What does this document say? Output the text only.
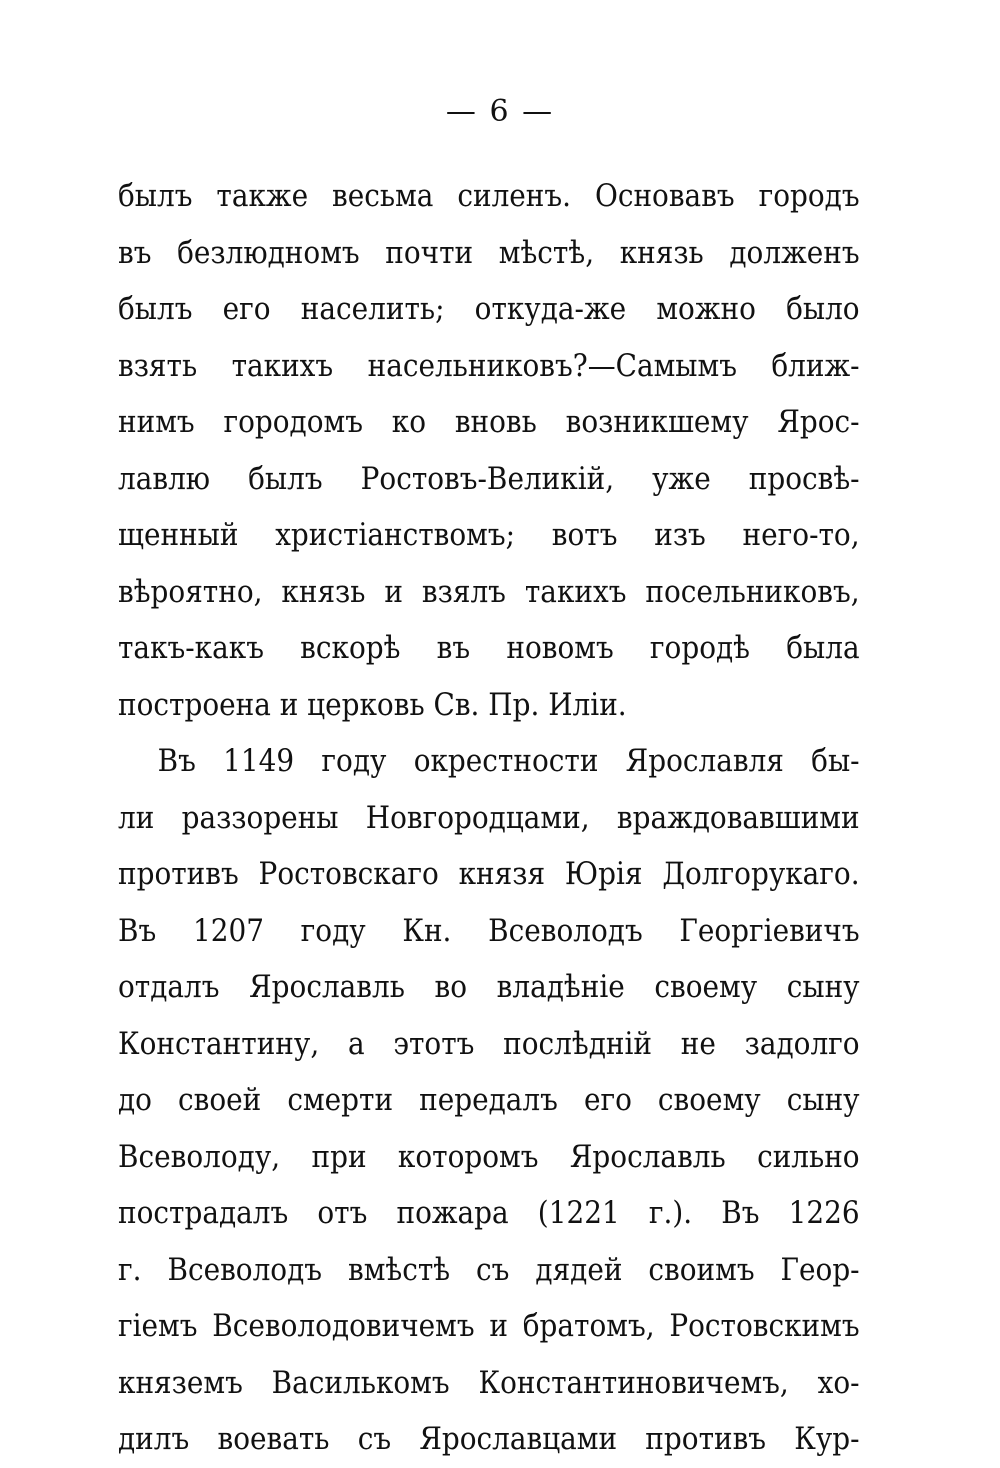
— 6 —
былъ также весьма силенъ. Основавъ городъ
въ безлюдномъ почти мѣстѣ, князь долженъ
былъ его населить; откуда-же можно было
взять такихъ насельниковъ?—Самымъ ближ-
нимъ городомъ ко вновь возникшему Ярос-
лавлю былъ Ростовъ-Великій, уже просвѣ-
щенный христіанствомъ; вотъ изъ него-то,
вѣроятно, князь и взялъ такихъ посельниковъ,
такъ-какъ вскорѣ въ новомъ городѣ была
построена и церковь Св. Пр. Иліи.
Въ 1149 году окрестности Ярославля бы-
ли раззорены Новгородцами, враждовавшими
противъ Ростовскаго князя Юрія Долгорукаго.
Въ 1207 году Кн. Всеволодъ Георгіевичъ
отдалъ Ярославль во владѣніе своему сыну
Константину, а этотъ послѣдній не задолго
до своей смерти передалъ его своему сыну
Всеволоду, при которомъ Ярославль сильно
пострадалъ отъ пожара (1221 г.). Въ 1226
г. Всеволодъ вмѣстѣ съ дядей своимъ Геор-
гіемъ Всеволодовичемъ и братомъ, Ростовскимъ
княземъ Василькомъ Константиновичемъ, хо-
дилъ воевать съ Ярославцами противъ Кур-
